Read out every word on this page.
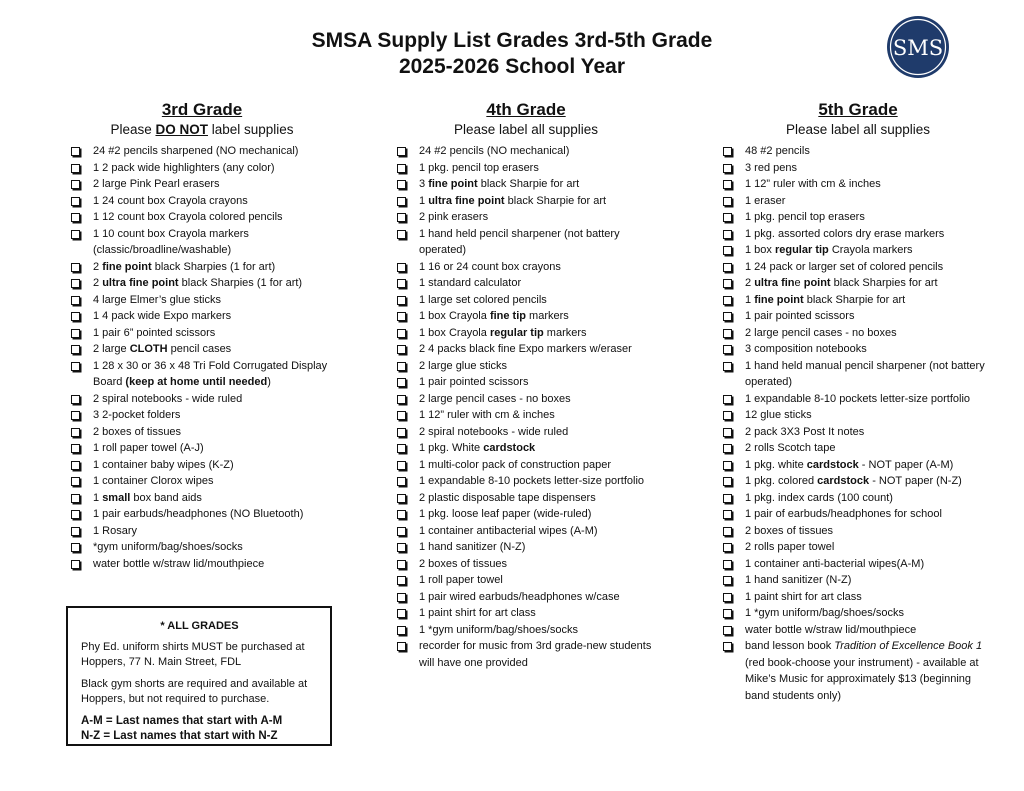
SMSA Supply List Grades 3rd-5th Grade
2025-2026 School Year
SMS
3rd Grade
Please DO NOT label supplies
24 #2 pencils sharpened (NO mechanical)
1 2 pack wide highlighters (any color)
2 large Pink Pearl erasers
1 24 count box Crayola crayons
1 12 count box Crayola colored pencils
1 10 count box Crayola markers (classic/broadline/washable)
2 fine point black Sharpies (1 for art)
2 ultra fine point black Sharpies (1 for art)
4 large Elmer’s glue sticks
1 4 pack wide Expo markers
1 pair 6” pointed scissors
2 large CLOTH pencil cases
1 28 x 30 or 36 x 48 Tri Fold Corrugated Display Board (keep at home until needed)
2 spiral notebooks - wide ruled
3 2-pocket folders
2 boxes of tissues
1 roll paper towel (A-J)
1 container baby wipes (K-Z)
1 container Clorox wipes
1 small box band aids
1 pair earbuds/headphones (NO Bluetooth)
1 Rosary
*gym uniform/bag/shoes/socks
water bottle w/straw lid/mouthpiece
4th Grade
Please label all supplies
24 #2 pencils (NO mechanical)
1 pkg. pencil top erasers
3 fine point black Sharpie for art
1 ultra fine point black Sharpie for art
2 pink erasers
1 hand held pencil sharpener (not battery operated)
1 16 or 24 count box crayons
1 standard calculator
1 large set colored pencils
1 box Crayola fine tip markers
1 box Crayola regular tip markers
2 4 packs black fine Expo markers w/eraser
2 large glue sticks
1 pair pointed scissors
2 large pencil cases - no boxes
1 12” ruler with cm & inches
2 spiral notebooks - wide ruled
1 pkg. White cardstock
1 multi-color pack of construction paper
1 expandable 8-10 pockets letter-size portfolio
2 plastic disposable tape dispensers
1 pkg. loose leaf paper (wide-ruled)
1 container antibacterial wipes (A-M)
1 hand sanitizer (N-Z)
2 boxes of tissues
1 roll paper towel
1 pair wired earbuds/headphones w/case
1 paint shirt for art class
1 *gym uniform/bag/shoes/socks
recorder for music from 3rd grade-new students will have one provided
5th Grade
Please label all supplies
48 #2 pencils
3 red pens
1 12” ruler with cm & inches
1 eraser
1 pkg. pencil top erasers
1 pkg. assorted colors dry erase markers
1 box regular tip Crayola markers
1 24 pack or larger set of colored pencils
2 ultra fine point black Sharpies for art
1 fine point black Sharpie for art
1 pair pointed scissors
2 large pencil cases - no boxes
3 composition notebooks
1 hand held manual pencil sharpener (not battery operated)
1 expandable 8-10 pockets letter-size portfolio
12 glue sticks
2 pack 3X3 Post It notes
2 rolls Scotch tape
1 pkg. white cardstock - NOT paper (A-M)
1 pkg. colored cardstock - NOT paper (N-Z)
1 pkg. index cards (100 count)
1 pair of earbuds/headphones for school
2 boxes of tissues
2 rolls paper towel
1 container anti-bacterial wipes(A-M)
1 hand sanitizer (N-Z)
1 paint shirt for art class
1 *gym uniform/bag/shoes/socks
water bottle w/straw lid/mouthpiece
band lesson book Tradition of Excellence Book 1 (red book-choose your instrument) - available at Mike’s Music for approximately $13 (beginning band students only)
* ALL GRADES

Phy Ed. uniform shirts MUST be purchased at Hoppers, 77 N. Main Street, FDL

Black gym shorts are required and available at Hoppers, but not required to purchase.

A-M = Last names that start with A-M
N-Z = Last names that start with N-Z
